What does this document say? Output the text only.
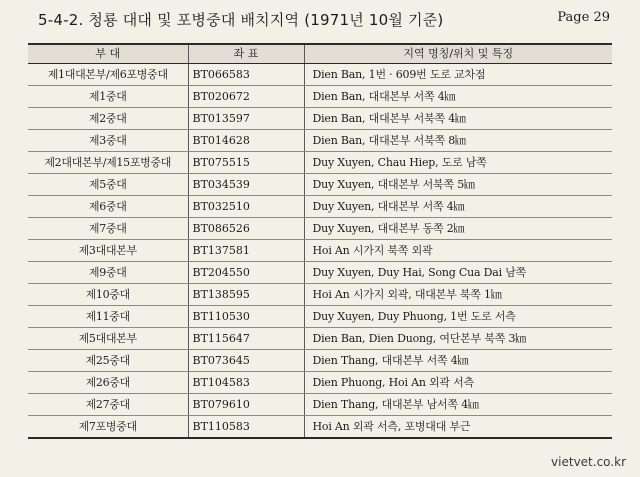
5-4-2. 청룡 대대 및 포병중대 배치지역 (1971년 10월 기준)	Page 29
부 대	좌 표	지역 명칭/위치 및 특징
제1대대본부/제6포병중대	BT066583	Dien Ban, 1번 · 609번 도로 교차점
제1중대	BT020672	Dien Ban, 대대본부 서쪽 4㎞
제2중대	BT013597	Dien Ban, 대대본부 서북쪽 4㎞
제3중대	BT014628	Dien Ban, 대대본부 서북쪽 8㎞
제2대대본부/제15포병중대	BT075515	Duy Xuyen, Chau Hiep, 도로 남쪽
제5중대	BT034539	Duy Xuyen, 대대본부 서북쪽 5㎞
제6중대	BT032510	Duy Xuyen, 대대본부 서쪽 4㎞
제7중대	BT086526	Duy Xuyen, 대대본부 동쪽 2㎞
제3대대본부	BT137581	Hoi An 시가지 북쪽 외곽
제9중대	BT204550	Duy Xuyen, Duy Hai, Song Cua Dai 남쪽
제10중대	BT138595	Hoi An 시가지 외곽, 대대본부 북쪽 1㎞
제11중대	BT110530	Duy Xuyen, Duy Phuong, 1번 도로 서측
제5대대본부	BT115647	Dien Ban, Dien Duong, 여단본부 북쪽 3㎞
제25중대	BT073645	Dien Thang, 대대본부 서쪽 4㎞
제26중대	BT104583	Dien Phuong, Hoi An 외곽 서측
제27중대	BT079610	Dien Thang, 대대본부 남서쪽 4㎞
제7포병중대	BT110583	Hoi An 외곽 서측, 포병대대 부근
vietvet.co.kr
